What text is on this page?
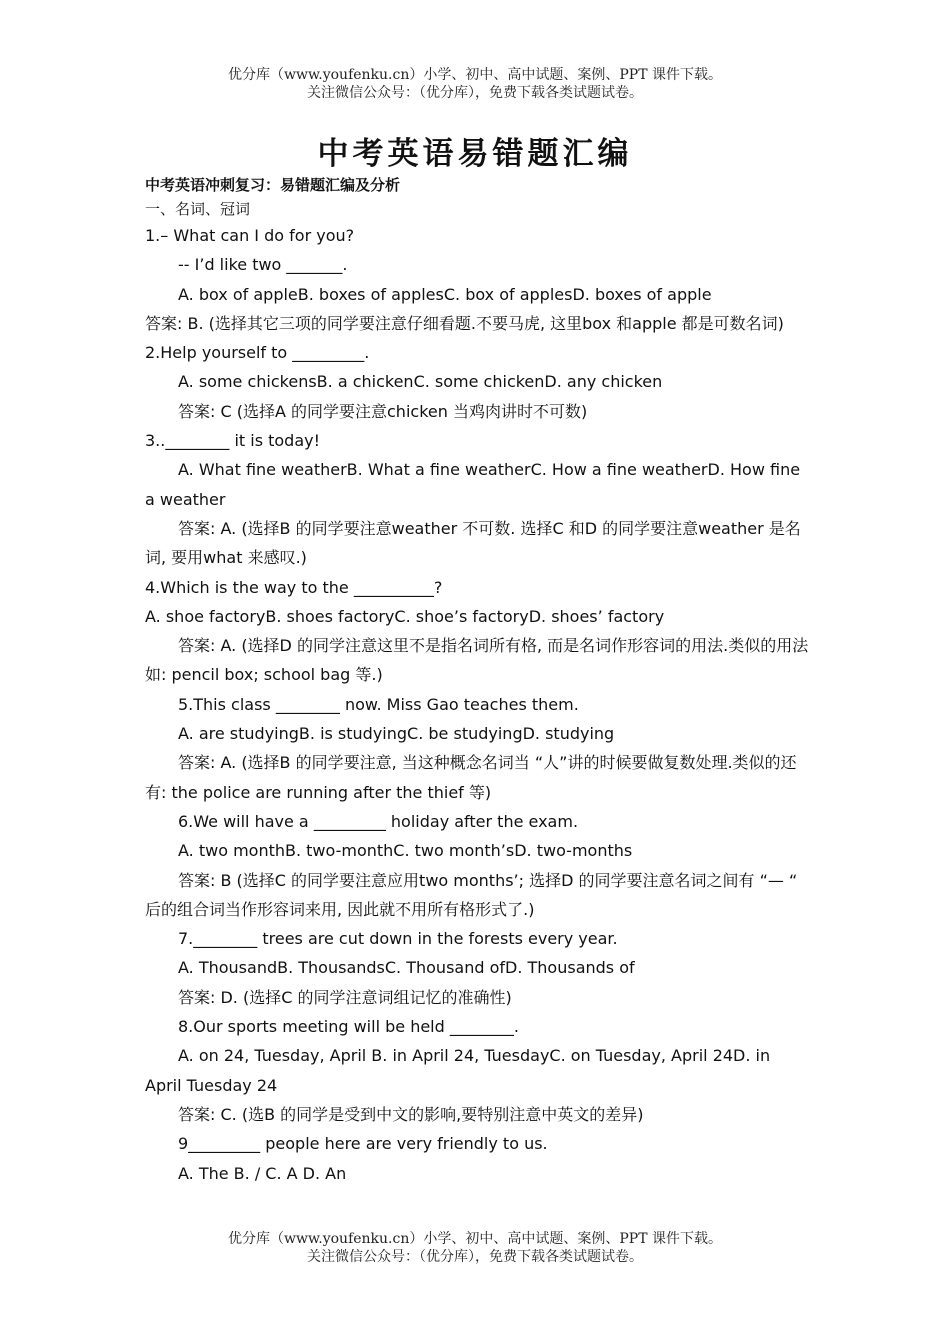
优分库（www.youfenku.cn）小学、初中、高中试题、案例、PPT 课件下载。
关注微信公众号：（优分库），免费下载各类试题试卷。
中考英语易错题汇编

中考英语冲刺复习：易错题汇编及分析

一、名词、冠词

1.– What can I do for you?

-- I’d like two _______.

A. box of appleB. boxes of applesC. box of applesD. boxes of apple

答案: B. (选择其它三项的同学要注意仔细看题.不要马虎, 这里box 和apple 都是可数名词)

2.Help yourself to _________.

A. some chickensB. a chickenC. some chickenD. any chicken

答案: C (选择A 的同学要注意chicken 当鸡肉讲时不可数)

3..________ it is today!

A. What fine weatherB. What a fine weatherC. How a fine weatherD. How fine a weather

答案: A. (选择B 的同学要注意weather 不可数. 选择C 和D 的同学要注意weather 是名词, 要用what 来感叹.)

4.Which is the way to the __________?

A. shoe factoryB. shoes factoryC. shoe’s factoryD. shoes’ factory

答案: A. (选择D 的同学注意这里不是指名词所有格, 而是名词作形容词的用法.类似的用法如: pencil box; school bag 等.)

5.This class ________ now. Miss Gao teaches them.

A. are studyingB. is studyingC. be studyingD. studying

答案: A. (选择B 的同学要注意, 当这种概念名词当 “人”讲的时候要做复数处理.类似的还有: the police are running after the thief 等)

6.We will have a _________ holiday after the exam.

A. two monthB. two-monthC. two month’sD. two-months

答案: B (选择C 的同学要注意应用two months’; 选择D 的同学要注意名词之间有 “— “ 后的组合词当作形容词来用, 因此就不用所有格形式了.)

7.________ trees are cut down in the forests every year.

A. ThousandB. ThousandsC. Thousand ofD. Thousands of

答案: D. (选择C 的同学注意词组记忆的准确性)

8.Our sports meeting will be held ________.

A. on 24, Tuesday, April B. in April 24, TuesdayC. on Tuesday, April 24D. in April Tuesday 24

答案: C. (选B 的同学是受到中文的影响,要特别注意中英文的差异)

9_________ people here are very friendly to us.

A. The B. / C. A D. An

优分库（www.youfenku.cn）小学、初中、高中试题、案例、PPT 课件下载。
关注微信公众号：（优分库），免费下载各类试题试卷。
